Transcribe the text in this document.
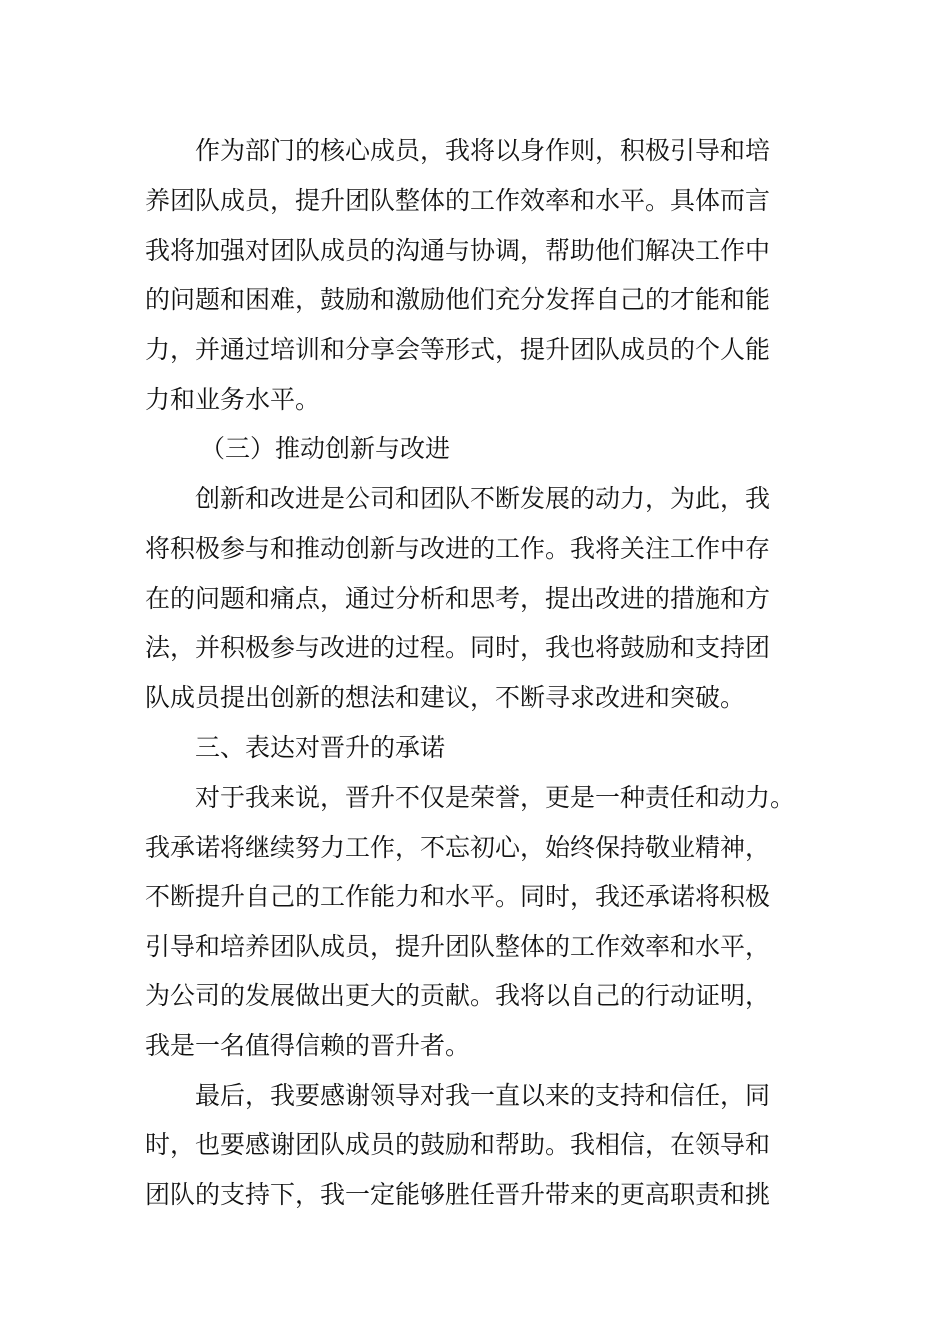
作为部门的核心成员，我将以身作则，积极引导和培
养团队成员，提升团队整体的工作效率和水平。具体而言
我将加强对团队成员的沟通与协调，帮助他们解决工作中
的问题和困难，鼓励和激励他们充分发挥自己的才能和能
力，并通过培训和分享会等形式，提升团队成员的个人能
力和业务水平。
（三）推动创新与改进
创新和改进是公司和团队不断发展的动力，为此，我
将积极参与和推动创新与改进的工作。我将关注工作中存
在的问题和痛点，通过分析和思考，提出改进的措施和方
法，并积极参与改进的过程。同时，我也将鼓励和支持团
队成员提出创新的想法和建议，不断寻求改进和突破。
三、表达对晋升的承诺
对于我来说，晋升不仅是荣誉，更是一种责任和动力。
我承诺将继续努力工作，不忘初心，始终保持敬业精神，
不断提升自己的工作能力和水平。同时，我还承诺将积极
引导和培养团队成员，提升团队整体的工作效率和水平，
为公司的发展做出更大的贡献。我将以自己的行动证明，
我是一名值得信赖的晋升者。
最后，我要感谢领导对我一直以来的支持和信任，同
时，也要感谢团队成员的鼓励和帮助。我相信，在领导和
团队的支持下，我一定能够胜任晋升带来的更高职责和挑
